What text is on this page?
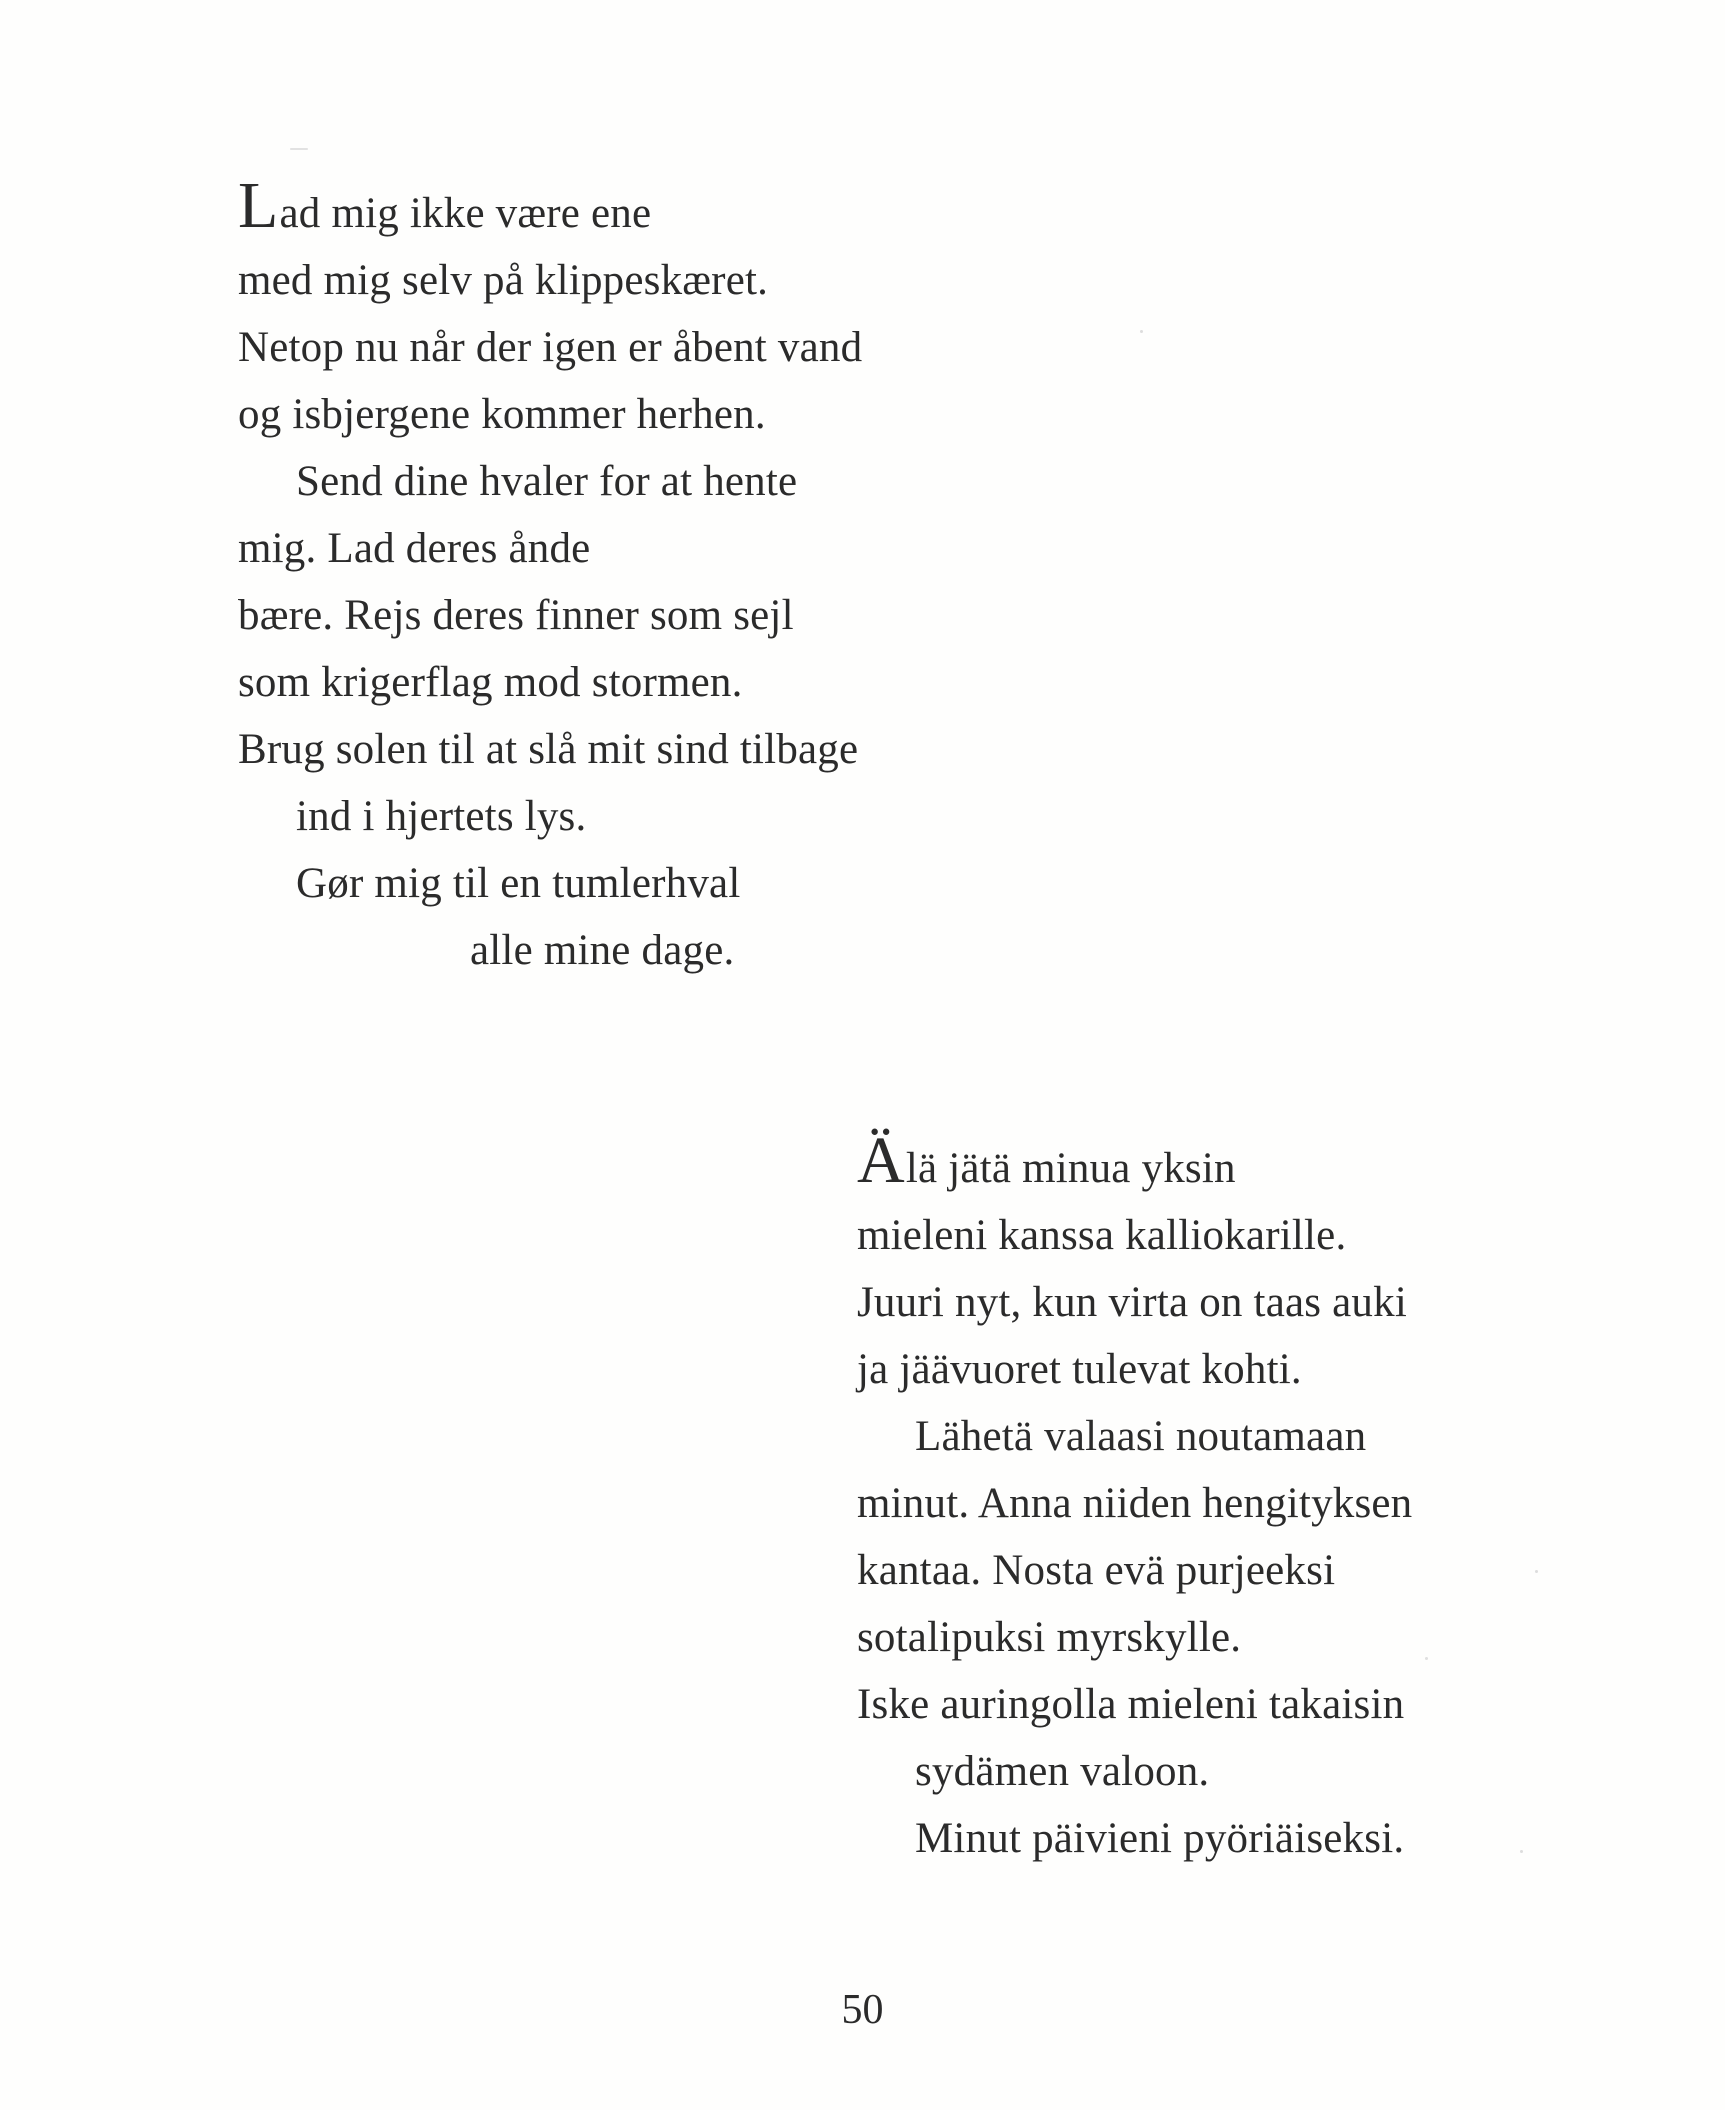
Lad mig ikke være ene
med mig selv på klippeskæret.
Netop nu når der igen er åbent vand
og isbjergene kommer herhen.
Send dine hvaler for at hente
mig. Lad deres ånde
bære. Rejs deres finner som sejl
som krigerflag mod stormen.
Brug solen til at slå mit sind tilbage
ind i hjertets lys.
Gør mig til en tumlerhval
alle mine dage.
Älä jätä minua yksin
mieleni kanssa kalliokarille.
Juuri nyt, kun virta on taas auki
ja jäävuoret tulevat kohti.
Lähetä valaasi noutamaan
minut. Anna niiden hengityksen
kantaa. Nosta evä purjeeksi
sotalipuksi myrskylle.
Iske auringolla mieleni takaisin
sydämen valoon.
Minut päivieni pyöriäiseksi.
50
